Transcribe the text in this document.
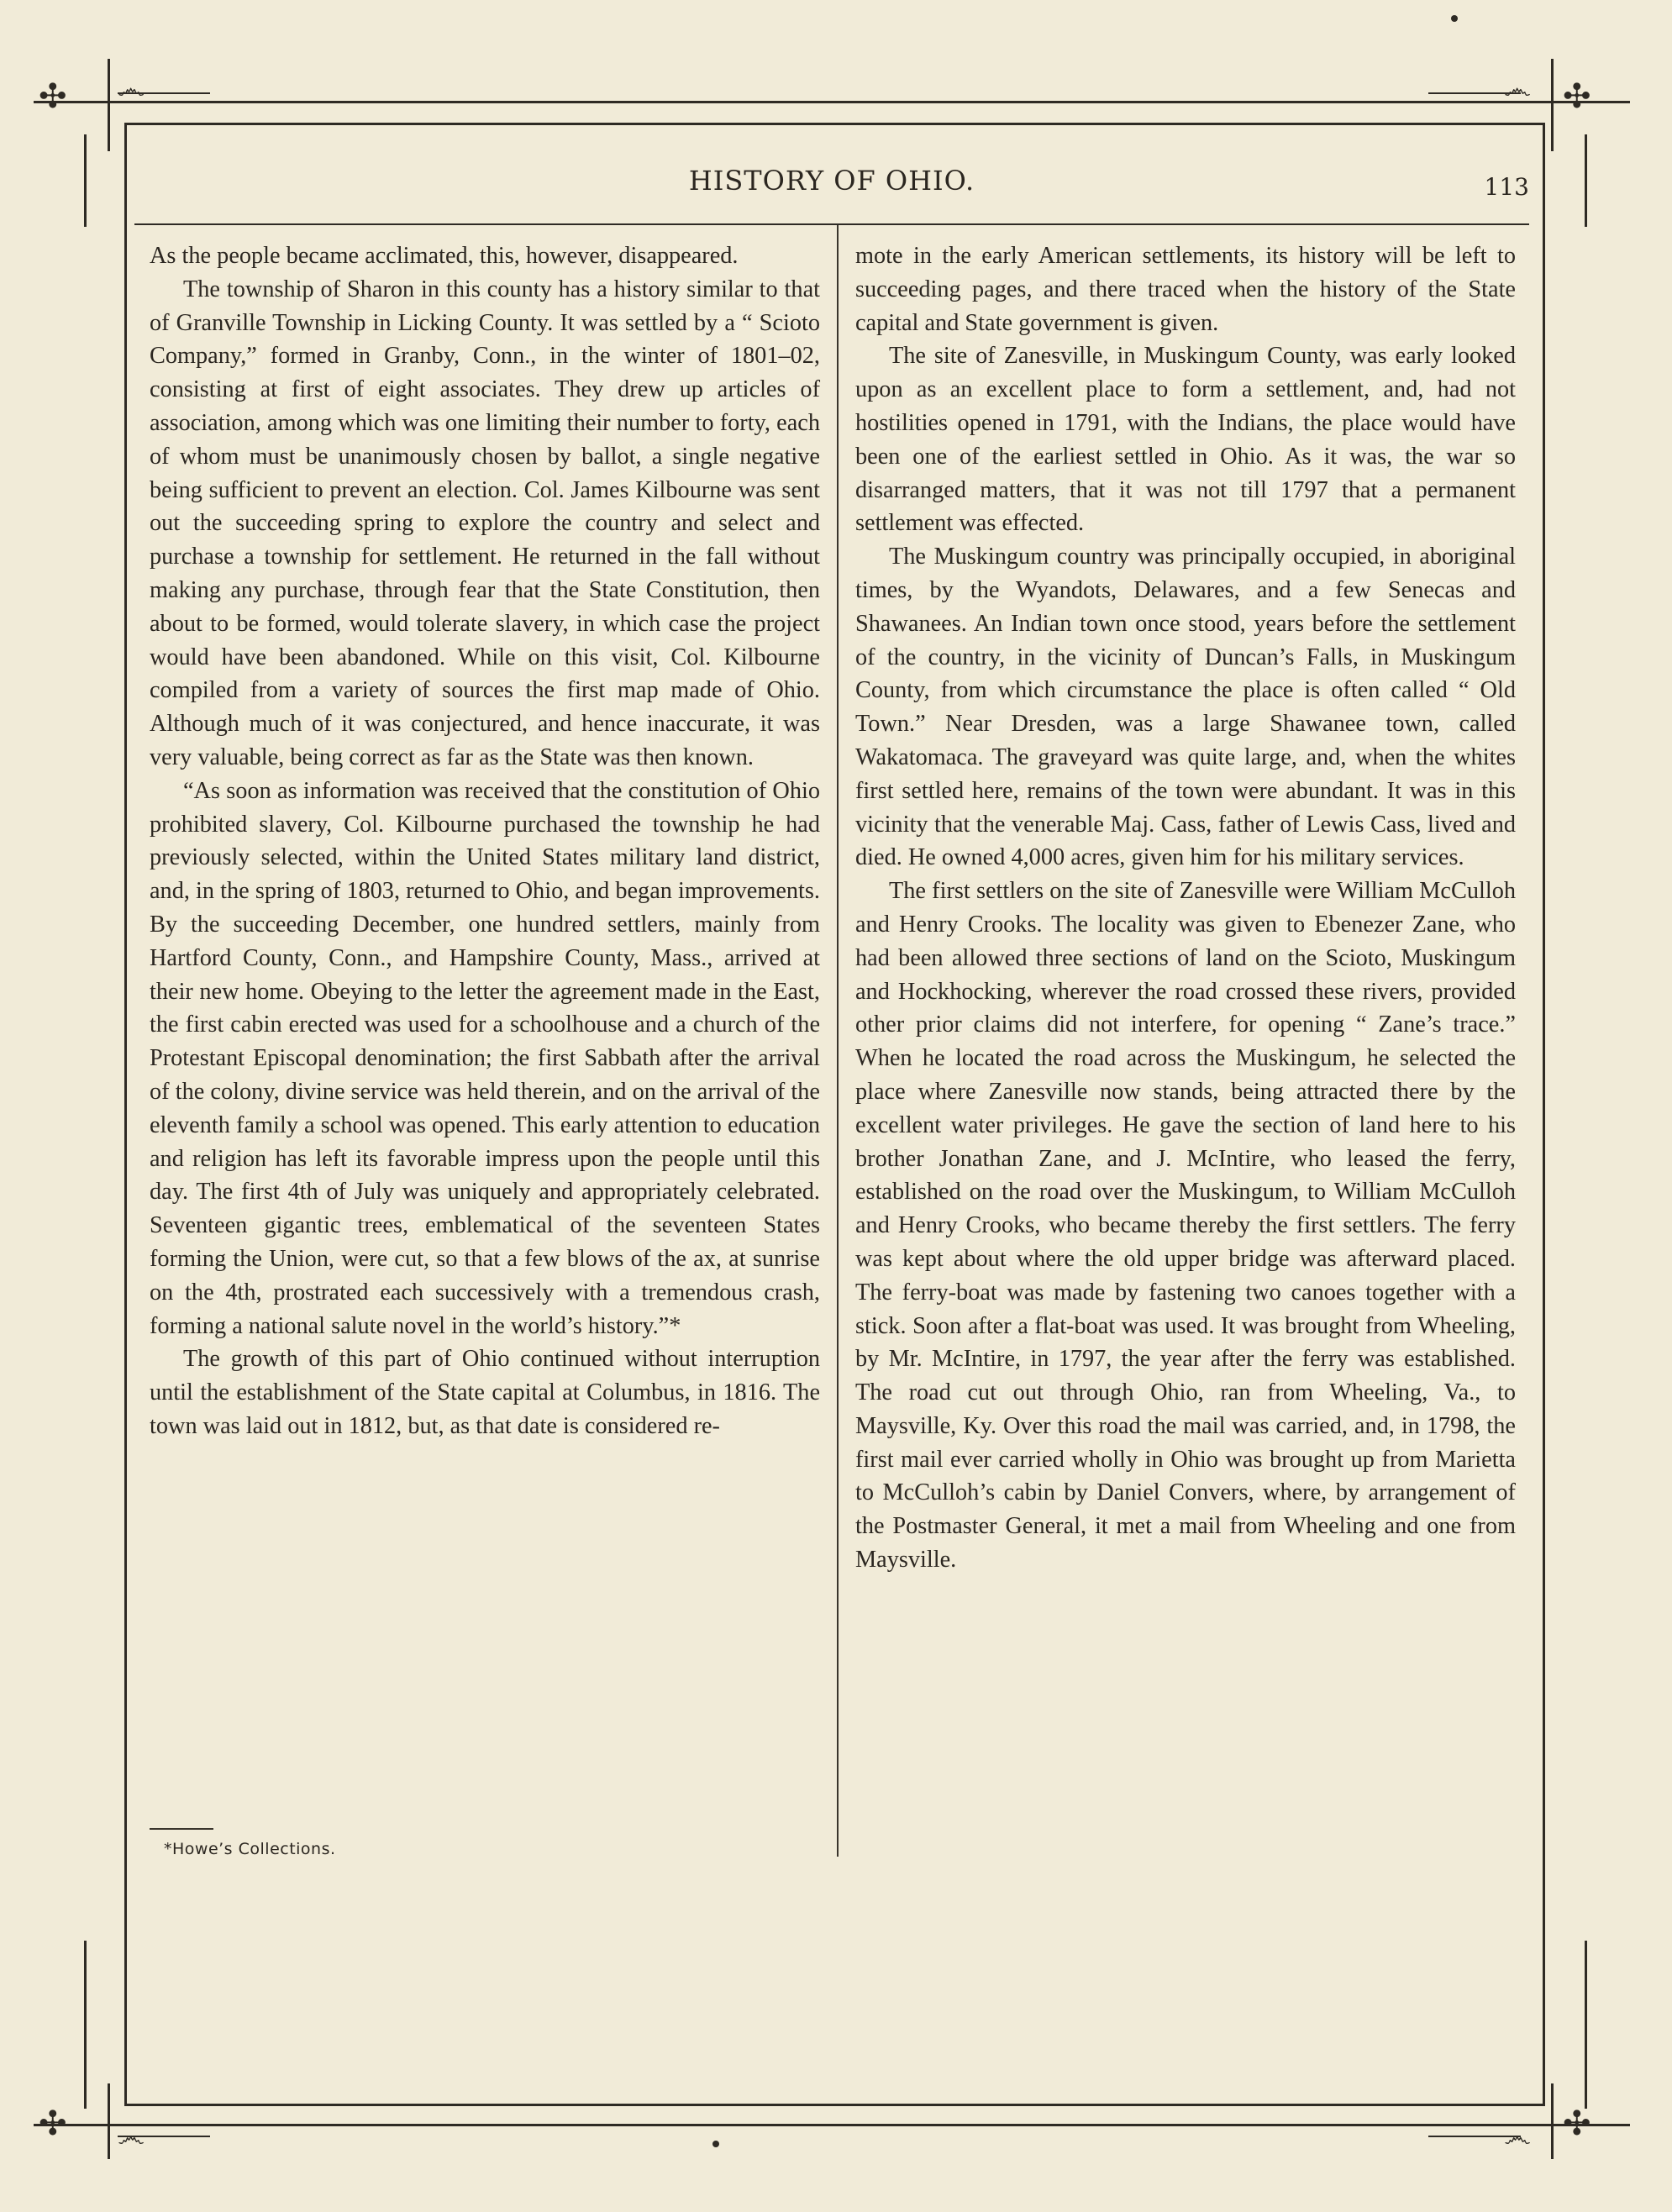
✣	✣
✣	✣
෴	෴
෴	෴
HISTORY OF OHIO.	113

As the people became acclimated, this, however, disappeared.

The township of Sharon in this county has a history similar to that of Granville Township in Licking County. It was settled by a “ Scioto Company,” formed in Granby, Conn., in the winter of 1801–02, consisting at first of eight associates. They drew up articles of association, among which was one limiting their number to forty, each of whom must be unanimously chosen by ballot, a single negative being sufficient to prevent an election. Col. James Kilbourne was sent out the succeeding spring to explore the country and select and purchase a township for settlement. He returned in the fall without making any purchase, through fear that the State Constitution, then about to be formed, would tolerate slavery, in which case the project would have been abandoned. While on this visit, Col. Kilbourne compiled from a variety of sources the first map made of Ohio. Although much of it was conjectured, and hence inaccurate, it was very valuable, being correct as far as the State was then known.

“As soon as information was received that the constitution of Ohio prohibited slavery, Col. Kilbourne purchased the township he had previously selected, within the United States military land district, and, in the spring of 1803, returned to Ohio, and began improvements. By the succeeding December, one hundred settlers, mainly from Hartford County, Conn., and Hampshire County, Mass., arrived at their new home. Obeying to the letter the agreement made in the East, the first cabin erected was used for a schoolhouse and a church of the Protestant Episcopal denomination; the first Sabbath after the arrival of the colony, divine service was held therein, and on the arrival of the eleventh family a school was opened. This early attention to education and religion has left its favorable impress upon the people until this day. The first 4th of July was uniquely and appropriately celebrated. Seventeen gigantic trees, emblematical of the seventeen States forming the Union, were cut, so that a few blows of the ax, at sunrise on the 4th, prostrated each successively with a tremendous crash, forming a national salute novel in the world’s history.”*

The growth of this part of Ohio continued without interruption until the establishment of the State capital at Columbus, in 1816. The town was laid out in 1812, but, as that date is considered re-

mote in the early American settlements, its history will be left to succeeding pages, and there traced when the history of the State capital and State government is given.

The site of Zanesville, in Muskingum County, was early looked upon as an excellent place to form a settlement, and, had not hostilities opened in 1791, with the Indians, the place would have been one of the earliest settled in Ohio. As it was, the war so disarranged matters, that it was not till 1797 that a permanent settlement was effected.

The Muskingum country was principally occupied, in aboriginal times, by the Wyandots, Delawares, and a few Senecas and Shawanees. An Indian town once stood, years before the settlement of the country, in the vicinity of Duncan’s Falls, in Muskingum County, from which circumstance the place is often called “ Old Town.” Near Dresden, was a large Shawanee town, called Wakatomaca. The graveyard was quite large, and, when the whites first settled here, remains of the town were abundant. It was in this vicinity that the venerable Maj. Cass, father of Lewis Cass, lived and died. He owned 4,000 acres, given him for his military services.

The first settlers on the site of Zanesville were William McCulloh and Henry Crooks. The locality was given to Ebenezer Zane, who had been allowed three sections of land on the Scioto, Muskingum and Hockhocking, wherever the road crossed these rivers, provided other prior claims did not interfere, for opening “ Zane’s trace.” When he located the road across the Muskingum, he selected the place where Zanesville now stands, being attracted there by the excellent water privileges. He gave the section of land here to his brother Jonathan Zane, and J. McIntire, who leased the ferry, established on the road over the Muskingum, to William McCulloh and Henry Crooks, who became thereby the first settlers. The ferry was kept about where the old upper bridge was afterward placed. The ferry-boat was made by fastening two canoes together with a stick. Soon after a flat-boat was used. It was brought from Wheeling, by Mr. McIntire, in 1797, the year after the ferry was established. The road cut out through Ohio, ran from Wheeling, Va., to Maysville, Ky. Over this road the mail was carried, and, in 1798, the first mail ever carried wholly in Ohio was brought up from Marietta to McCulloh’s cabin by Daniel Convers, where, by arrangement of the Postmaster General, it met a mail from Wheeling and one from Maysville.

*Howe’s Collections.
